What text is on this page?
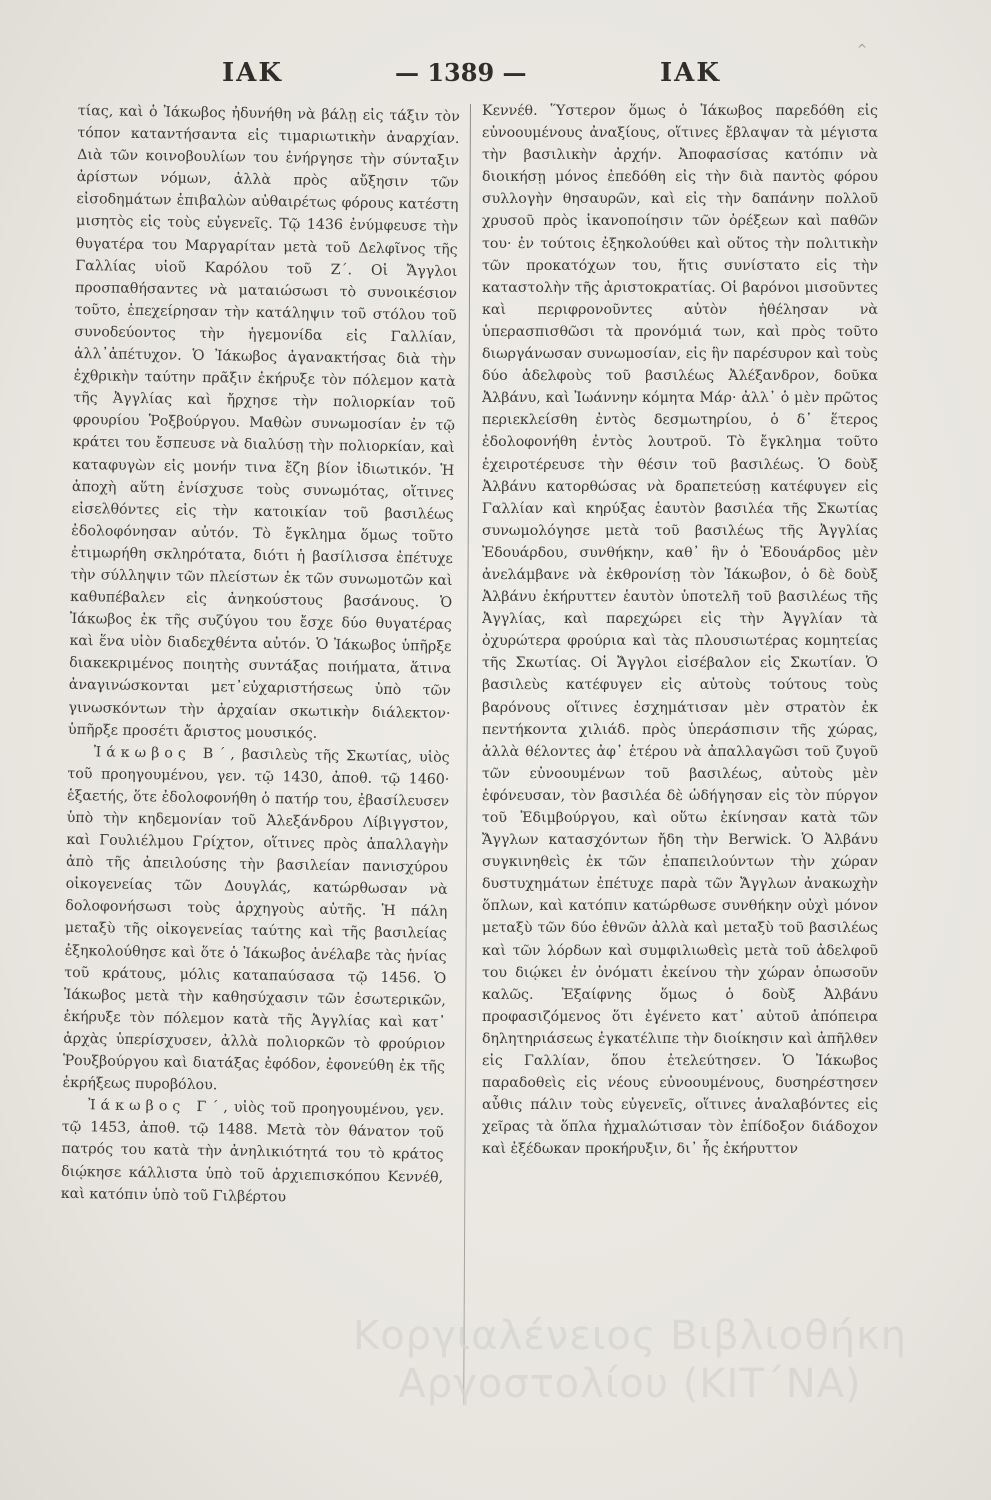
^
ΙΑΚ	— 1389 —	ΙΑΚ

τίας, καὶ ὁ Ἰάκωβος ἠδυνήθη νὰ βάλῃ εἰς τάξιν τὸν τόπον καταντήσαντα εἰς τιμαριωτικὴν ἀναρχίαν. Διὰ τῶν κοινοβουλίων του ἐνήργησε τὴν σύνταξιν ἀρίστων νόμων, ἀλλὰ πρὸς αὔξησιν τῶν εἰσοδημάτων ἐπιβαλὼν αὐθαιρέτως φόρους κατέστη μισητὸς εἰς τοὺς εὐγενεῖς. Τῷ 1436 ἐνύμφευσε τὴν θυγατέρα του Μαργαρίταν μετὰ τοῦ Δελφῖνος τῆς Γαλλίας υἱοῦ Καρόλου τοῦ Ζ΄. Οἱ Ἄγγλοι προσπαθήσαντες νὰ ματαιώσωσι τὸ συνοικέσιον τοῦτο, ἐπεχείρησαν τὴν κατάληψιν τοῦ στόλου τοῦ συνοδεύοντος τὴν ἡγεμονίδα εἰς Γαλλίαν, ἀλλ᾽ἀπέτυχον. Ὁ Ἰάκωβος ἀγανακτήσας διὰ τὴν ἐχθρικὴν ταύτην πρᾶξιν ἐκήρυξε τὸν πόλεμον κατὰ τῆς Ἀγγλίας καὶ ἤρχησε τὴν πολιορκίαν τοῦ φρουρίου Ῥοξβούργου. Μαθὼν συνωμοσίαν ἐν τῷ κράτει του ἔσπευσε νὰ διαλύσῃ τὴν πολιορκίαν, καὶ καταφυγὼν εἰς μονήν τινα ἔζη βίον ἰδιωτικόν. Ἡ ἀποχὴ αὕτη ἐνίσχυσε τοὺς συνωμότας, οἵτινες εἰσελθόντες εἰς τὴν κατοικίαν τοῦ βασιλέως ἐδολοφόνησαν αὐτόν. Τὸ ἔγκλημα ὅμως τοῦτο ἐτιμωρήθη σκληρότατα, διότι ἡ βασίλισσα ἐπέτυχε τὴν σύλληψιν τῶν πλείστων ἐκ τῶν συνωμοτῶν καὶ καθυπέβαλεν εἰς ἀνηκούστους βασάνους. Ὁ Ἰάκωβος ἐκ τῆς συζύγου του ἔσχε δύο θυγατέρας καὶ ἕνα υἱὸν διαδεχθέντα αὐτόν. Ὁ Ἰάκωβος ὑπῆρξε διακεκριμένος ποιητὴς συντάξας ποιήματα, ἅτινα ἀναγινώσκονται μετ᾽εὐχαριστήσεως ὑπὸ τῶν γινωσκόντων τὴν ἀρχαίαν σκωτικὴν διάλεκτον· ὑπῆρξε προσέτι ἄριστος μουσικός.

Ἰάκωβος Β΄, βασιλεὺς τῆς Σκωτίας, υἱὸς τοῦ προηγουμένου, γεν. τῷ 1430, ἀποθ. τῷ 1460· ἑξαετής, ὅτε ἐδολοφονήθη ὁ πατήρ του, ἐβασίλευσεν ὑπὸ τὴν κηδεμονίαν τοῦ Ἀλεξάνδρου Λίβιγγστον, καὶ Γουλιέλμου Γρίχτον, οἵτινες πρὸς ἀπαλλαγὴν ἀπὸ τῆς ἀπειλούσης τὴν βασιλείαν πανισχύρου οἰκογενείας τῶν Δουγλάς, κατώρθωσαν νὰ δολοφονήσωσι τοὺς ἀρχηγοὺς αὐτῆς. Ἡ πάλη μεταξὺ τῆς οἰκογενείας ταύτης καὶ τῆς βασιλείας ἐξηκολούθησε καὶ ὅτε ὁ Ἰάκωβος ἀνέλαβε τὰς ἡνίας τοῦ κράτους, μόλις καταπαύσασα τῷ 1456. Ὁ Ἰάκωβος μετὰ τὴν καθησύχασιν τῶν ἐσωτερικῶν, ἐκήρυξε τὸν πόλεμον κατὰ τῆς Ἀγγλίας καὶ κατ᾽ ἀρχὰς ὑπερίσχυσεν, ἀλλὰ πολιορκῶν τὸ φρούριον Ῥουξβούργου καὶ διατάξας ἐφόδον, ἐφονεύθη ἐκ τῆς ἐκρήξεως πυροβόλου.

Ἰάκωβος Γ΄, υἱὸς τοῦ προηγουμένου, γεν. τῷ 1453, ἀποθ. τῷ 1488. Μετὰ τὸν θάνατον τοῦ πατρός του κατὰ τὴν ἀνηλικιότητά του τὸ κράτος διῴκησε κάλλιστα ὑπὸ τοῦ ἀρχιεπισκόπου Κεννέθ, καὶ κατόπιν ὑπὸ τοῦ Γιλβέρτου

Κεννέθ. Ὕστερον ὅμως ὁ Ἰάκωβος παρεδόθη εἰς εὐνοουμένους ἀναξίους, οἵτινες ἔβλαψαν τὰ μέγιστα τὴν βασιλικὴν ἀρχήν. Ἀποφασίσας κατόπιν νὰ διοικήσῃ μόνος ἐπεδόθη εἰς τὴν διὰ παντὸς φόρου συλλογὴν θησαυρῶν, καὶ εἰς τὴν δαπάνην πολλοῦ χρυσοῦ πρὸς ἱκανοποίησιν τῶν ὀρέξεων καὶ παθῶν του· ἐν τούτοις ἐξηκολούθει καὶ οὕτος τὴν πολιτικὴν τῶν προκατόχων του, ἥτις συνίστατο εἰς τὴν καταστολὴν τῆς ἀριστοκρατίας. Οἱ βαρόνοι μισοῦντες καὶ περιφρονοῦντες αὐτὸν ἠθέλησαν νὰ ὑπερασπισθῶσι τὰ προνόμιά των, καὶ πρὸς τοῦτο διωργάνωσαν συνωμοσίαν, εἰς ἣν παρέσυρον καὶ τοὺς δύο ἀδελφοὺς τοῦ βασιλέως Ἀλέξανδρον, δοῦκα Ἀλβάνυ, καὶ Ἰωάννην κόμητα Μάρ· ἀλλ᾽ ὁ μὲν πρῶτος περιεκλείσθη ἐντὸς δεσμωτηρίου, ὁ δ᾽ ἕτερος ἐδολοφονήθη ἐντὸς λουτροῦ. Τὸ ἔγκλημα τοῦτο ἐχειροτέρευσε τὴν θέσιν τοῦ βασιλέως. Ὁ δοὺξ Ἀλβάνυ κατορθώσας νὰ δραπετεύσῃ κατέφυγεν εἰς Γαλλίαν καὶ κηρύξας ἑαυτὸν βασιλέα τῆς Σκωτίας συνωμολόγησε μετὰ τοῦ βασιλέως τῆς Ἀγγλίας Ἐδουάρδου, συνθήκην, καθ᾽ ἣν ὁ Ἐδουάρδος μὲν ἀνελάμβανε νὰ ἐκθρονίσῃ τὸν Ἰάκωβον, ὁ δὲ δοὺξ Ἀλβάνυ ἐκήρυττεν ἑαυτὸν ὑποτελῆ τοῦ βασιλέως τῆς Ἀγγλίας, καὶ παρεχώρει εἰς τὴν Ἀγγλίαν τὰ ὀχυρώτερα φρούρια καὶ τὰς πλουσιωτέρας κομητείας τῆς Σκωτίας. Οἱ Ἄγγλοι εἰσέβαλον εἰς Σκωτίαν. Ὁ βασιλεὺς κατέφυγεν εἰς αὐτοὺς τούτους τοὺς βαρόνους οἵτινες ἐσχημάτισαν μὲν στρατὸν ἐκ πεντήκοντα χιλιάδ. πρὸς ὑπεράσπισιν τῆς χώρας, ἀλλὰ θέλοντες ἀφ᾽ ἑτέρου νὰ ἀπαλλαγῶσι τοῦ ζυγοῦ τῶν εὐνοουμένων τοῦ βασιλέως, αὐτοὺς μὲν ἐφόνευσαν, τὸν βασιλέα δὲ ὡδήγησαν εἰς τὸν πύργον τοῦ Ἐδιμβούργου, καὶ οὕτω ἐκίνησαν κατὰ τῶν Ἄγγλων κατασχόντων ἤδη τὴν Berwick. Ὁ Ἀλβάνυ συγκινηθεὶς ἐκ τῶν ἐπαπειλούντων τὴν χώραν δυστυχημάτων ἐπέτυχε παρὰ τῶν Ἄγγλων ἀνακωχὴν ὅπλων, καὶ κατόπιν κατώρθωσε συνθήκην οὐχὶ μόνον μεταξὺ τῶν δύο ἐθνῶν ἀλλὰ καὶ μεταξὺ τοῦ βασιλέως καὶ τῶν λόρδων καὶ συμφιλιωθεὶς μετὰ τοῦ ἀδελφοῦ του διῴκει ἐν ὀνόματι ἐκείνου τὴν χώραν ὁπωσοῦν καλῶς. Ἐξαίφνης ὅμως ὁ δοὺξ Ἀλβάνυ προφασιζόμενος ὅτι ἐγένετο κατ᾽ αὐτοῦ ἀπόπειρα δηλητηριάσεως ἐγκατέλιπε τὴν διοίκησιν καὶ ἀπῆλθεν εἰς Γαλλίαν, ὅπου ἐτελεύτησεν. Ὁ Ἰάκωβος παραδοθεὶς εἰς νέους εὐνοουμένους, δυσηρέστησεν αὖθις πάλιν τοὺς εὐγενεῖς, οἵτινες ἀναλαβόντες εἰς χεῖρας τὰ ὅπλα ἠχμαλώτισαν τὸν ἐπίδοξον διάδοχον καὶ ἐξέδωκαν προκήρυξιν, δι᾽ ἧς ἐκήρυττον

Κοργιαλένειος Βιβλιοθήκη
Αργοστολίου (ΚΙΤ΄ΝΑ)
